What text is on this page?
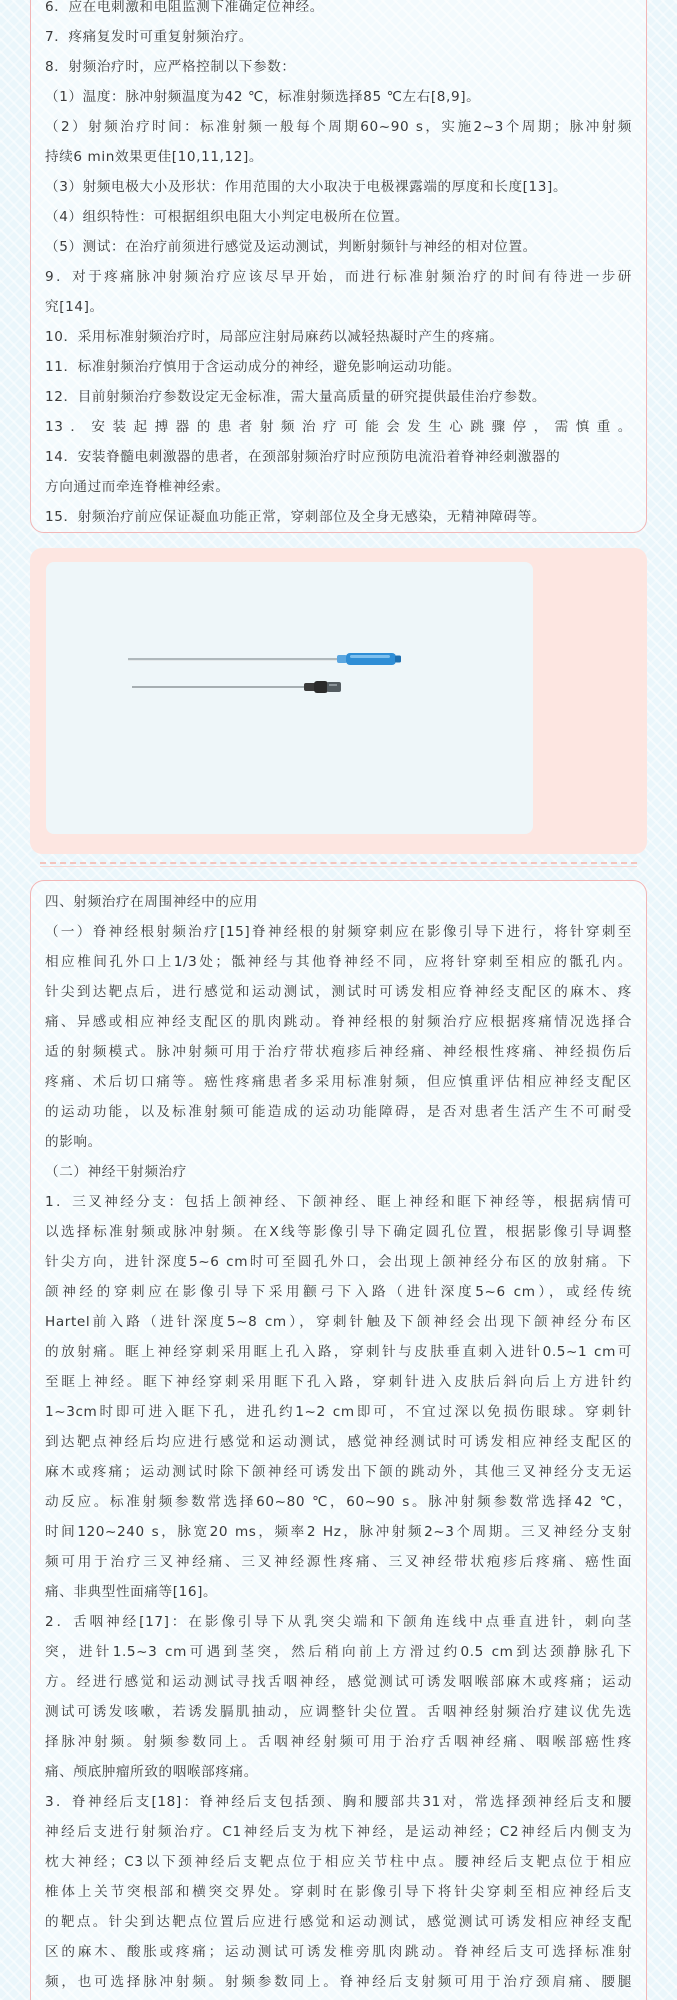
6．应在电刺激和电阻监测下准确定位神经。
7．疼痛复发时可重复射频治疗。
8．射频治疗时，应严格控制以下参数：
（1）温度：脉冲射频温度为42 ℃，标准射频选择85 ℃左右[8,9]。
（2）射频治疗时间：标准射频一般每个周期60~90 s，实施2~3个周期；脉冲射频
持续6 min效果更佳[10,11,12]。
（3）射频电极大小及形状：作用范围的大小取决于电极裸露端的厚度和长度[13]。
（4）组织特性：可根据组织电阻大小判定电极所在位置。
（5）测试：在治疗前须进行感觉及运动测试，判断射频针与神经的相对位置。
9．对于疼痛脉冲射频治疗应该尽早开始，而进行标准射频治疗的时间有待进一步研
究[14]。
10．采用标准射频治疗时，局部应注射局麻药以减轻热凝时产生的疼痛。
11．标准射频治疗慎用于含运动成分的神经，避免影响运动功能。
12．目前射频治疗参数设定无金标准，需大量高质量的研究提供最佳治疗参数。
13．安装起搏器的患者射频治疗可能会发生心跳骤停，需慎重。
14．安装脊髓电刺激器的患者，在颈部射频治疗时应预防电流沿着脊神经刺激器的
方向通过而牵连脊椎神经索。
15．射频治疗前应保证凝血功能正常，穿刺部位及全身无感染，无精神障碍等。
四、射频治疗在周围神经中的应用
（一）脊神经根射频治疗[15]脊神经根的射频穿刺应在影像引导下进行，将针穿刺至
相应椎间孔外口上1/3处；骶神经与其他脊神经不同，应将针穿刺至相应的骶孔内。
针尖到达靶点后，进行感觉和运动测试，测试时可诱发相应脊神经支配区的麻木、疼
痛、异感或相应神经支配区的肌肉跳动。脊神经根的射频治疗应根据疼痛情况选择合
适的射频模式。脉冲射频可用于治疗带状疱疹后神经痛、神经根性疼痛、神经损伤后
疼痛、术后切口痛等。癌性疼痛患者多采用标准射频，但应慎重评估相应神经支配区
的运动功能，以及标准射频可能造成的运动功能障碍，是否对患者生活产生不可耐受
的影响。
（二）神经干射频治疗
1．三叉神经分支：包括上颌神经、下颌神经、眶上神经和眶下神经等，根据病情可
以选择标准射频或脉冲射频。在X线等影像引导下确定圆孔位置，根据影像引导调整
针尖方向，进针深度5~6 cm时可至圆孔外口，会出现上颌神经分布区的放射痛。下
颌神经的穿刺应在影像引导下采用颧弓下入路（进针深度5~6 cm），或经传统
Hartel前入路（进针深度5~8 cm），穿刺针触及下颌神经会出现下颌神经分布区
的放射痛。眶上神经穿刺采用眶上孔入路，穿刺针与皮肤垂直刺入进针0.5~1 cm可
至眶上神经。眶下神经穿刺采用眶下孔入路，穿刺针进入皮肤后斜向后上方进针约
1~3cm时即可进入眶下孔，进孔约1~2 cm即可，不宜过深以免损伤眼球。穿刺针
到达靶点神经后均应进行感觉和运动测试，感觉神经测试时可诱发相应神经支配区的
麻木或疼痛；运动测试时除下颌神经可诱发出下颌的跳动外，其他三叉神经分支无运
动反应。标准射频参数常选择60~80 ℃，60~90 s。脉冲射频参数常选择42 ℃，
时间120~240 s，脉宽20 ms，频率2 Hz，脉冲射频2~3个周期。三叉神经分支射
频可用于治疗三叉神经痛、三叉神经源性疼痛、三叉神经带状疱疹后疼痛、癌性面
痛、非典型性面痛等[16]。
2．舌咽神经[17]：在影像引导下从乳突尖端和下颌角连线中点垂直进针，刺向茎
突，进针1.5~3 cm可遇到茎突，然后稍向前上方滑过约0.5 cm到达颈静脉孔下
方。经进行感觉和运动测试寻找舌咽神经，感觉测试可诱发咽喉部麻木或疼痛；运动
测试可诱发咳嗽，若诱发膈肌抽动，应调整针尖位置。舌咽神经射频治疗建议优先选
择脉冲射频。射频参数同上。舌咽神经射频可用于治疗舌咽神经痛、咽喉部癌性疼
痛、颅底肿瘤所致的咽喉部疼痛。
3．脊神经后支[18]：脊神经后支包括颈、胸和腰部共31对，常选择颈神经后支和腰
神经后支进行射频治疗。C1神经后支为枕下神经，是运动神经；C2神经后内侧支为
枕大神经；C3以下颈神经后支靶点位于相应关节柱中点。腰神经后支靶点位于相应
椎体上关节突根部和横突交界处。穿刺时在影像引导下将针尖穿刺至相应神经后支
的靶点。针尖到达靶点位置后应进行感觉和运动测试，感觉测试可诱发相应神经支配
区的麻木、酸胀或疼痛；运动测试可诱发椎旁肌肉跳动。脊神经后支可选择标准射
频，也可选择脉冲射频。射频参数同上。脊神经后支射频可用于治疗颈肩痛、腰腿
